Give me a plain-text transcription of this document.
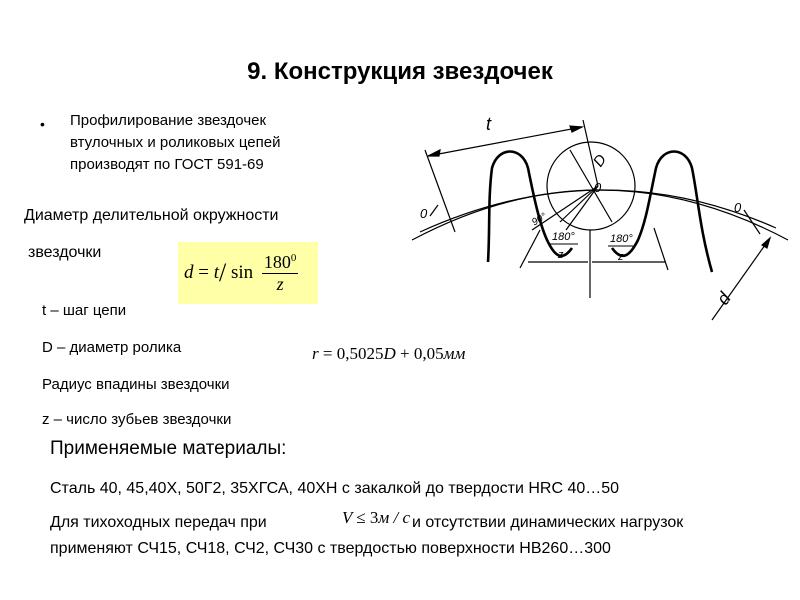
9. Конструкция звездочек
• Профилирование звездочек
втулочных и роликовых цепей
производят по ГОСТ 591-69
Диаметр делительной окружности
звездочки
d = t/ $\sin \frac{180^0}{z}$
t – шаг цепи
D – диаметр ролика
Радиус впадины звездочки
z – число зубьев звездочки
r = 0,5025D + 0,05мм
Применяемые материалы:
Сталь 40, 45,40Х, 50Г2, 35ХГСА, 40ХН с закалкой до твердости HRC 40…50
Для тихоходных передач при	и отсутствии динамических нагрузок
применяют СЧ15, СЧ18, СЧ2, СЧ30 с твердостью поверхности НВ260…300
V ≤ 3м / с
t
D
d
0
0	0
90°
180°
z
180°
z
